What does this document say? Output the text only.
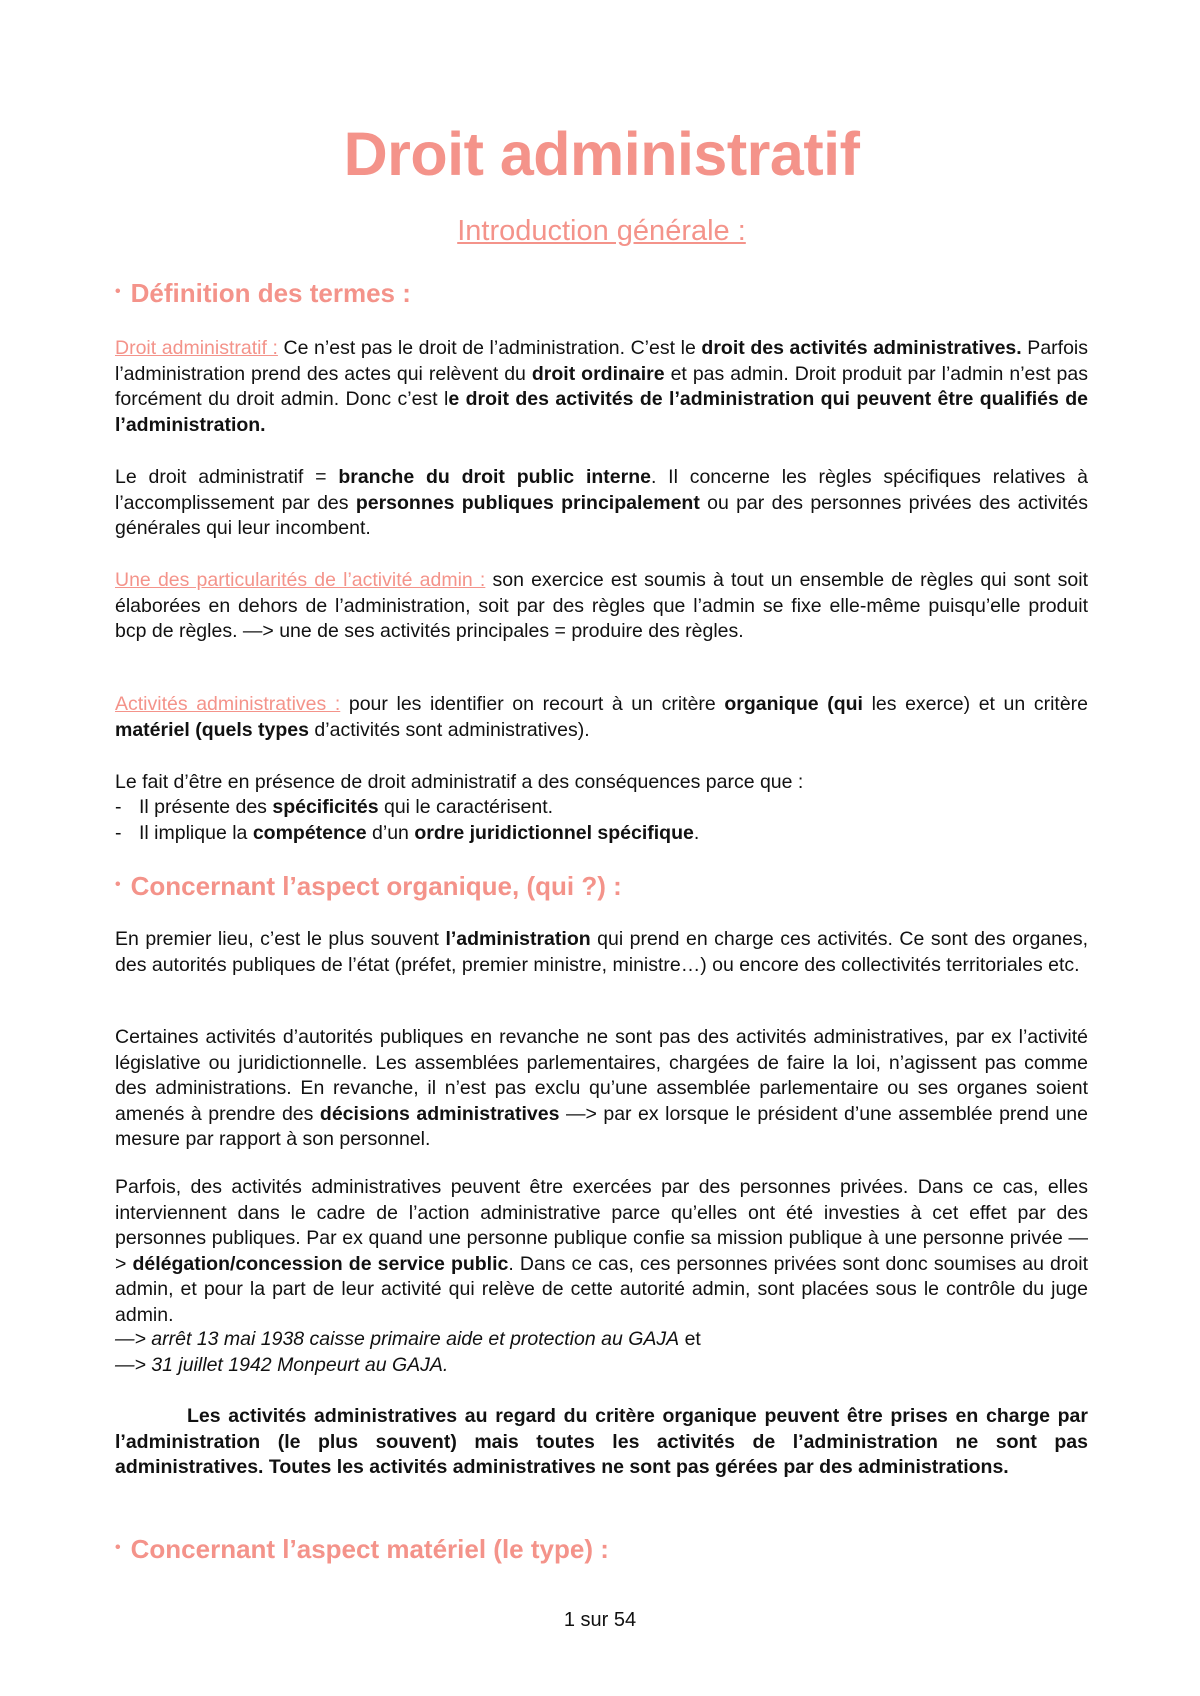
Droit administratif
Introduction générale :
• Définition des termes :
Droit administratif : Ce n’est pas le droit de l’administration. C’est le droit des activités administratives. Parfois l’administration prend des actes qui relèvent du droit ordinaire et pas admin. Droit produit par l’admin n’est pas forcément du droit admin. Donc c’est le droit des activités de l’administration qui peuvent être qualifiés de l’administration.
Le droit administratif = branche du droit public interne. Il concerne les règles spécifiques relatives à l’accomplissement par des personnes publiques principalement ou par des personnes privées des activités générales qui leur incombent.
Une des particularités de l’activité admin : son exercice est soumis à tout un ensemble de règles qui sont soit élaborées en dehors de l’administration, soit par des règles que l’admin se fixe elle-même puisqu’elle produit bcp de règles. —> une de ses activités principales = produire des règles.
Activités administratives : pour les identifier on recourt à un critère organique (qui les exerce) et un critère matériel (quels types d’activités sont administratives).
Le fait d’être en présence de droit administratif a des conséquences parce que :
- Il présente des spécificités qui le caractérisent.
- Il implique la compétence d’un ordre juridictionnel spécifique.
• Concernant l’aspect organique, (qui ?) :
En premier lieu, c’est le plus souvent l’administration qui prend en charge ces activités. Ce sont des organes, des autorités publiques de l’état (préfet, premier ministre, ministre…) ou encore des collectivités territoriales etc.
Certaines activités d’autorités publiques en revanche ne sont pas des activités administratives, par ex l’activité législative ou juridictionnelle. Les assemblées parlementaires, chargées de faire la loi, n’agissent pas comme des administrations. En revanche, il n’est pas exclu qu’une assemblée parlementaire ou ses organes soient amenés à prendre des décisions administratives —> par ex lorsque le président d’une assemblée prend une mesure par rapport à son personnel.
Parfois, des activités administratives peuvent être exercées par des personnes privées. Dans ce cas, elles interviennent dans le cadre de l’action administrative parce qu’elles ont été investies à cet effet par des personnes publiques. Par ex quand une personne publique confie sa mission publique à une personne privée —> délégation/concession de service public. Dans ce cas, ces personnes privées sont donc soumises au droit admin, et pour la part de leur activité qui relève de cette autorité admin, sont placées sous le contrôle du juge admin.
—> arrêt 13 mai 1938 caisse primaire aide et protection au GAJA et
—> 31 juillet 1942 Monpeurt au GAJA.
Les activités administratives au regard du critère organique peuvent être prises en charge par l’administration (le plus souvent) mais toutes les activités de l’administration ne sont pas administratives. Toutes les activités administratives ne sont pas gérées par des administrations.
• Concernant l’aspect matériel (le type) :
1 sur 54
